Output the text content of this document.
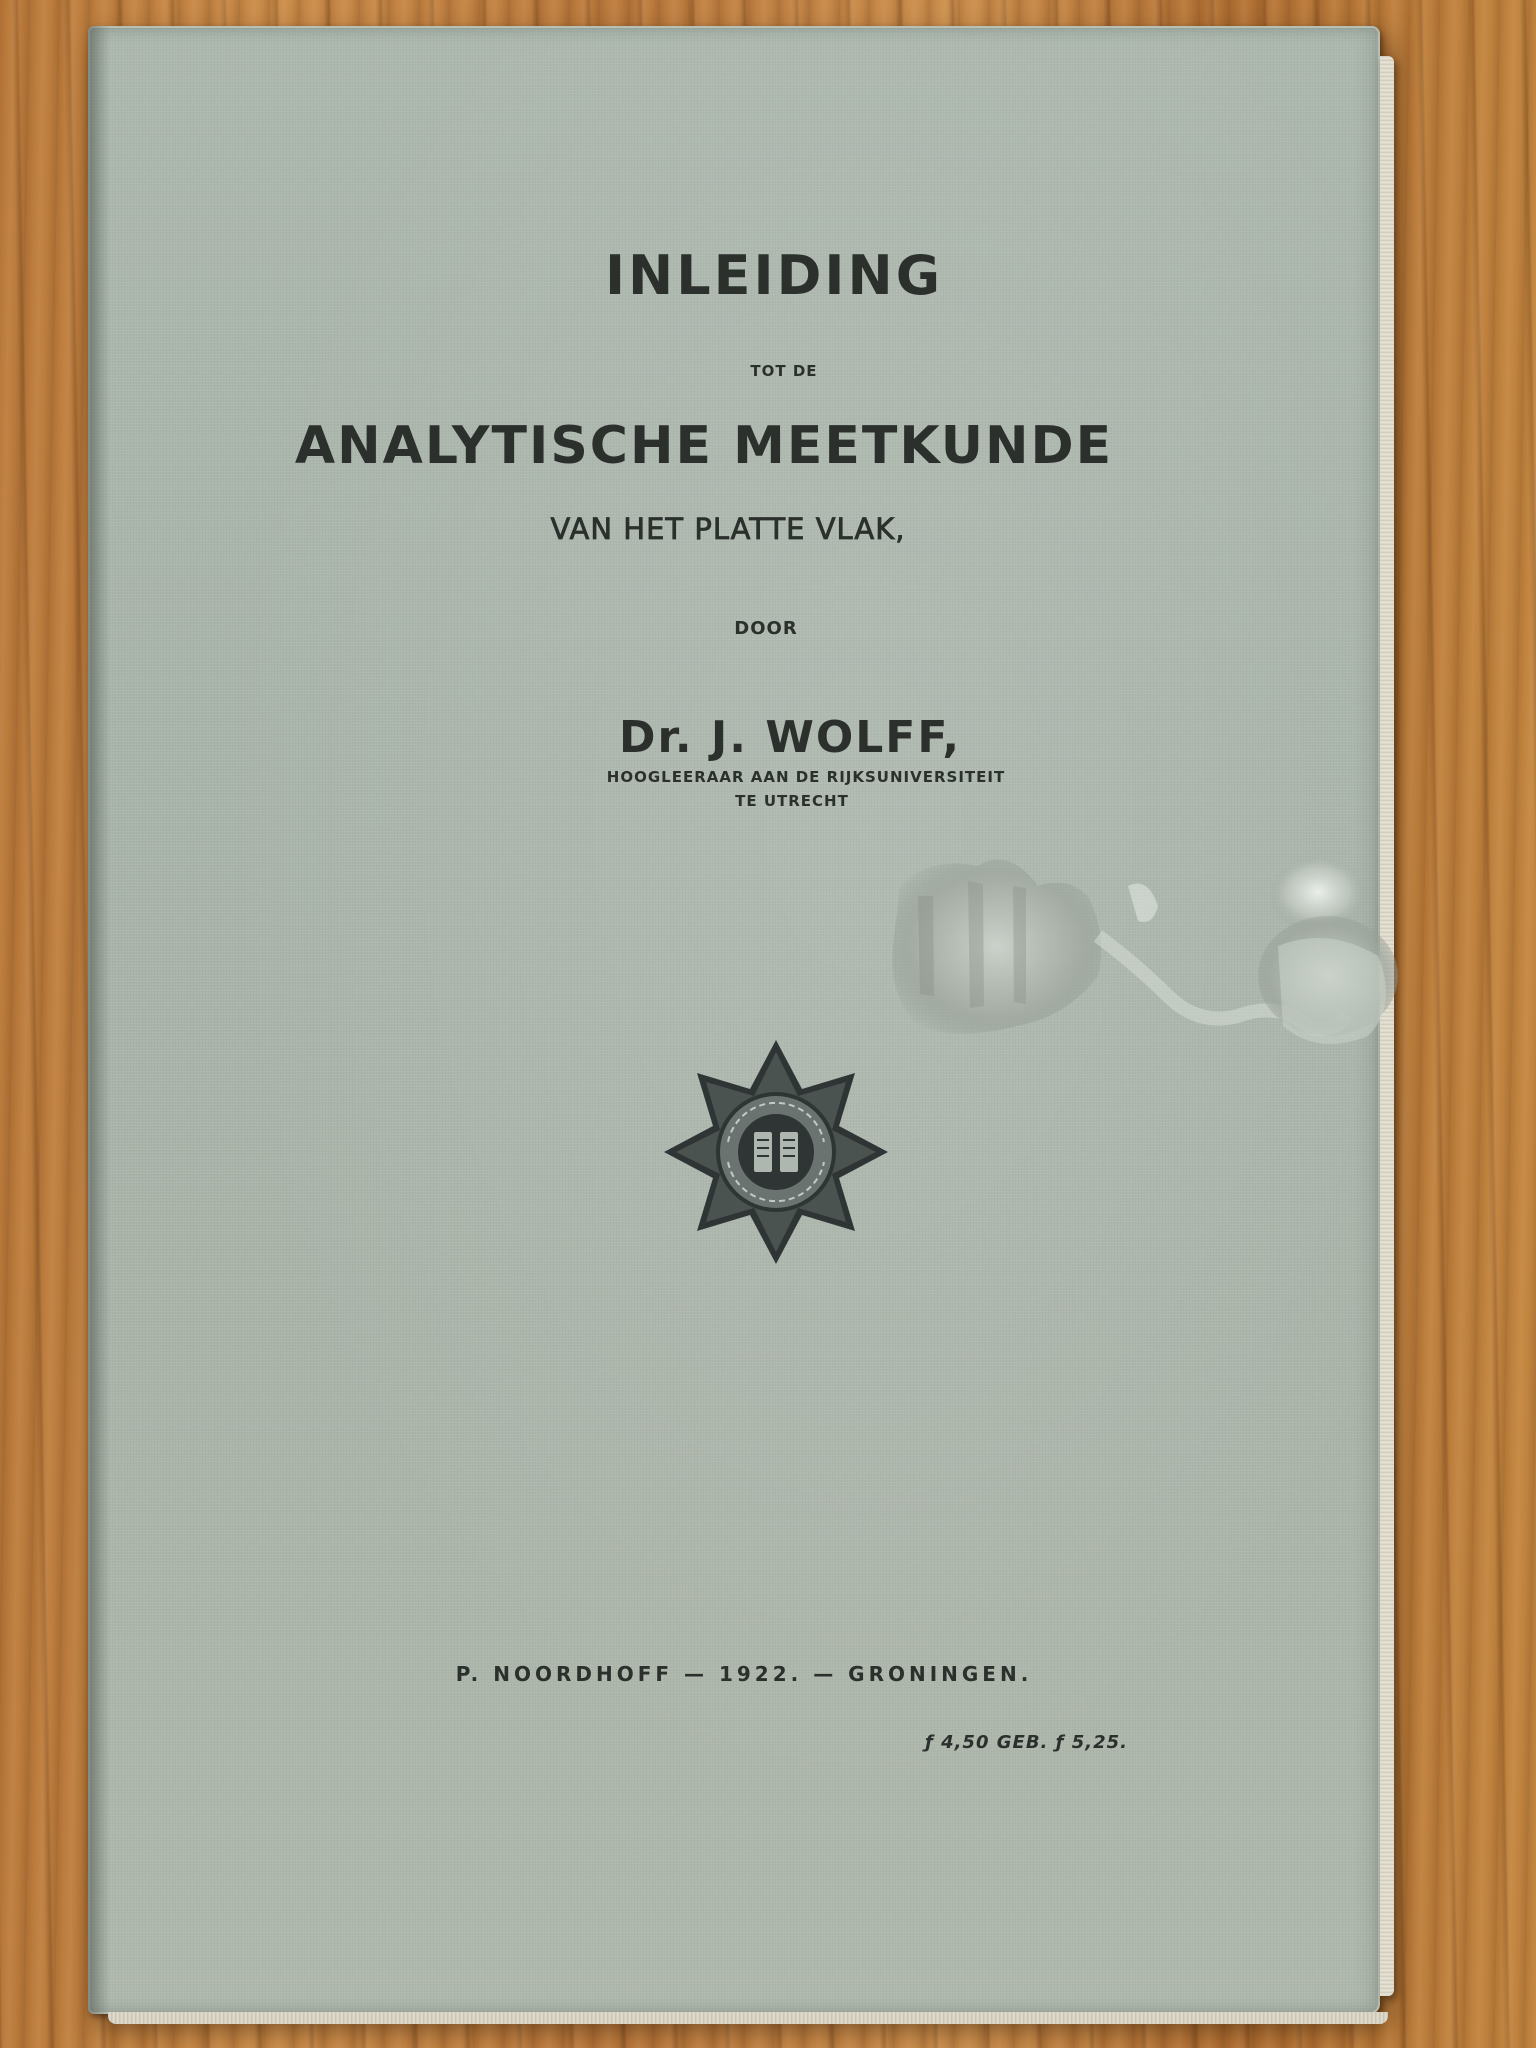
INLEIDING
TOT DE
ANALYTISCHE MEETKUNDE
VAN HET PLATTE VLAK,
DOOR
Dr. J. WOLFF,
HOOGLEERAAR AAN DE RIJKSUNIVERSITEIT
TE UTRECHT
P. NOORDHOFF — 1922. — GRONINGEN.
ƒ 4,50 GEB. ƒ 5,25.
